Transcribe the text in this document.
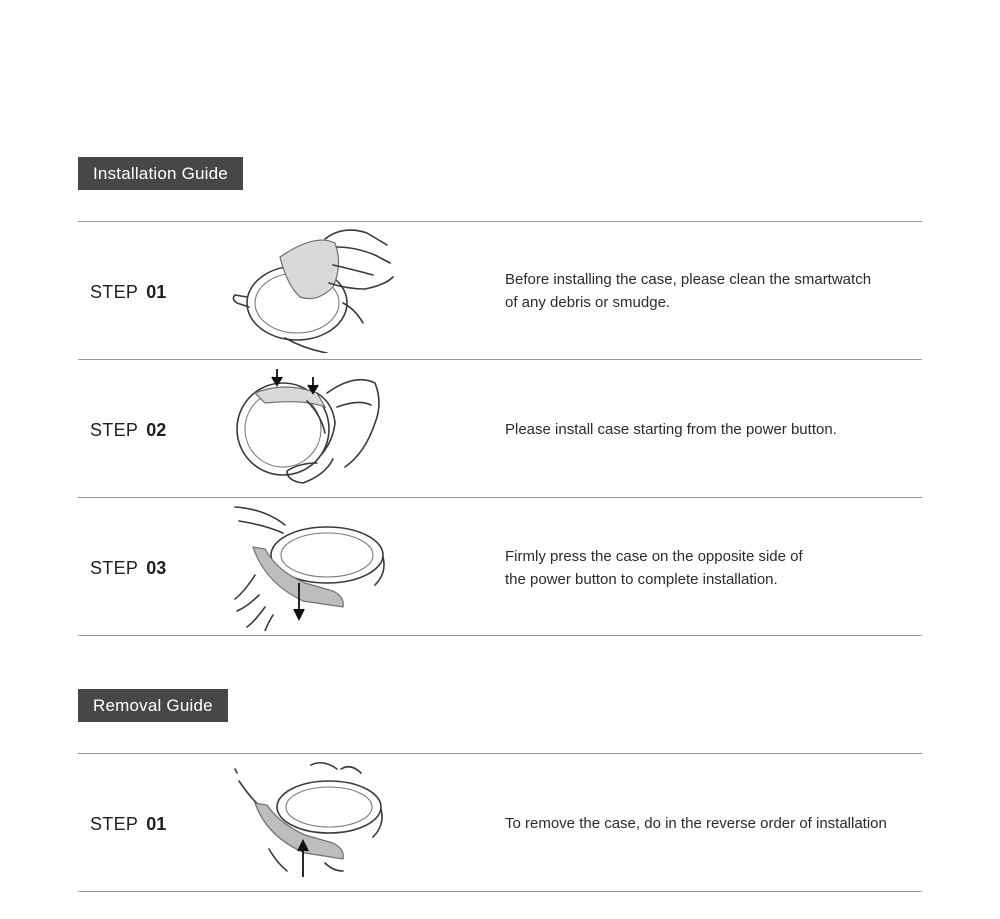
Installation Guide
STEP 01
Before installing the case, please clean the smartwatch
of any debris or smudge.
STEP 02	Please install case starting from the power button.
STEP 03
Firmly press the case on the opposite side of
the power button to complete installation.
Removal Guide
STEP 01	To remove the case, do in the reverse order of installation
